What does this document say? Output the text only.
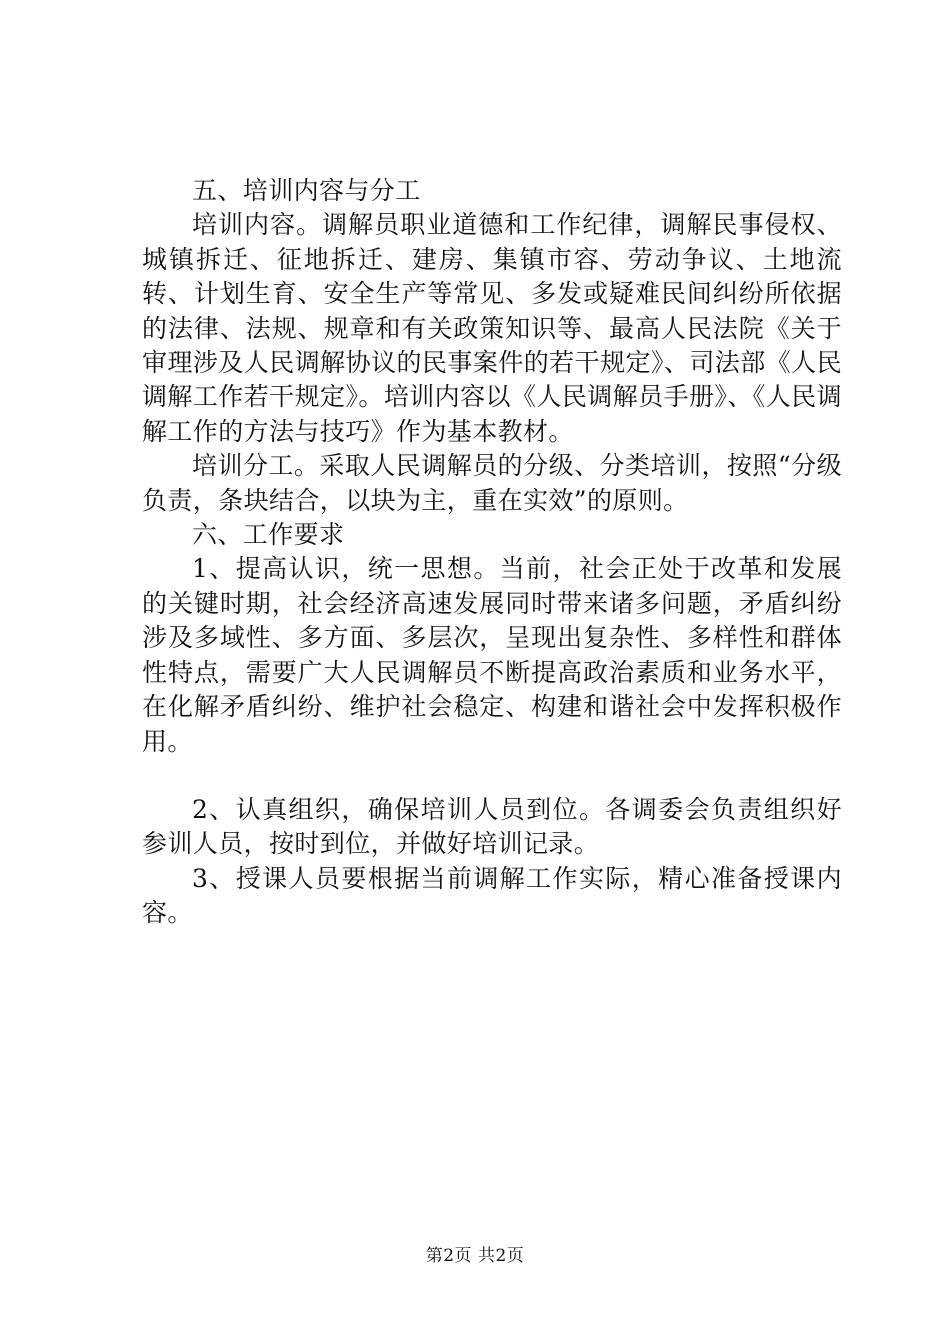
五、培训内容与分工

培训内容。调解员职业道德和工作纪律，调解民事侵权、城镇拆迁、征地拆迁、建房、集镇市容、劳动争议、土地流转、计划生育、安全生产等常见、多发或疑难民间纠纷所依据的法律、法规、规章和有关政策知识等、最高人民法院《关于审理涉及人民调解协议的民事案件的若干规定》、司法部《人民调解工作若干规定》。培训内容以《人民调解员手册》、《人民调解工作的方法与技巧》作为基本教材。

培训分工。采取人民调解员的分级、分类培训，按照“分级负责，条块结合，以块为主，重在实效”的原则。

六、工作要求

1、提高认识，统一思想。当前，社会正处于改革和发展的关键时期，社会经济高速发展同时带来诸多问题，矛盾纠纷涉及多域性、多方面、多层次，呈现出复杂性、多样性和群体性特点，需要广大人民调解员不断提高政治素质和业务水平，在化解矛盾纠纷、维护社会稳定、构建和谐社会中发挥积极作用。

2、认真组织，确保培训人员到位。各调委会负责组织好参训人员，按时到位，并做好培训记录。

3、授课人员要根据当前调解工作实际，精心准备授课内容。

第2页 共2页
